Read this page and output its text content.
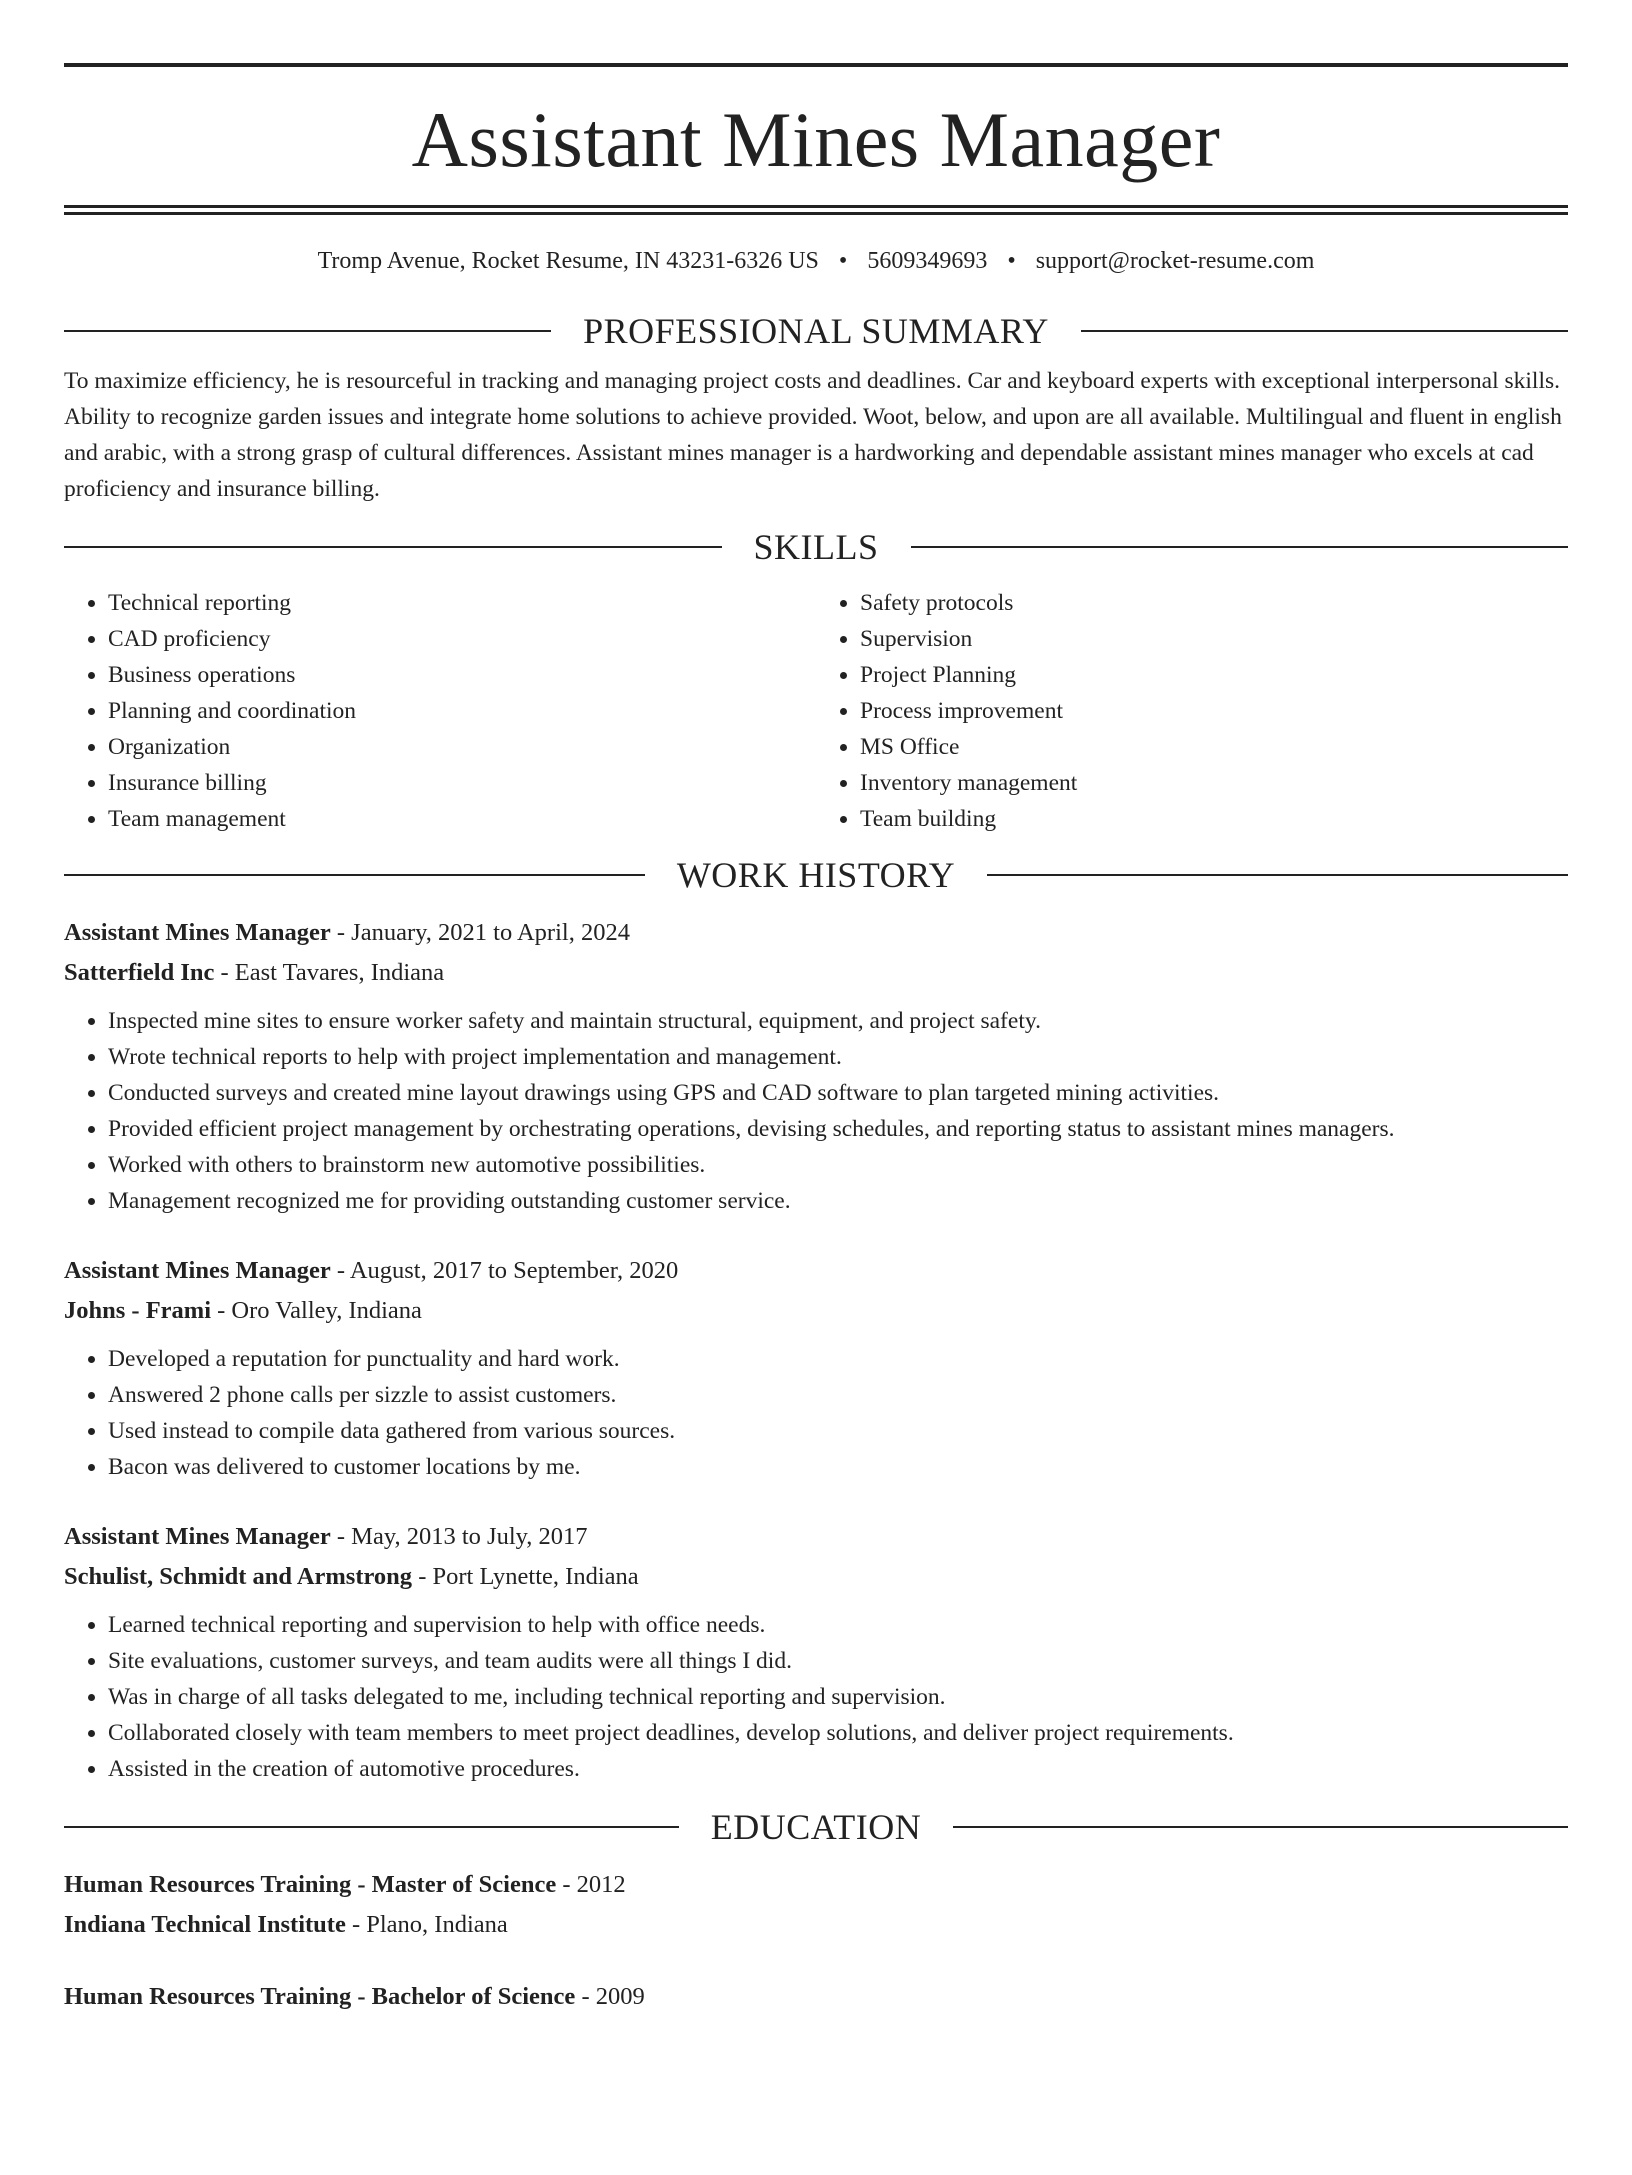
Assistant Mines Manager
Tromp Avenue, Rocket Resume, IN 43231-6326 US • 5609349693 • support@rocket-resume.com
PROFESSIONAL SUMMARY
To maximize efficiency, he is resourceful in tracking and managing project costs and deadlines. Car and keyboard experts with exceptional interpersonal skills. Ability to recognize garden issues and integrate home solutions to achieve provided. Woot, below, and upon are all available. Multilingual and fluent in english and arabic, with a strong grasp of cultural differences. Assistant mines manager is a hardworking and dependable assistant mines manager who excels at cad proficiency and insurance billing.
SKILLS
• Technical reporting
• CAD proficiency
• Business operations
• Planning and coordination
• Organization
• Insurance billing
• Team management
• Safety protocols
• Supervision
• Project Planning
• Process improvement
• MS Office
• Inventory management
• Team building
WORK HISTORY
Assistant Mines Manager - January, 2021 to April, 2024
Satterfield Inc - East Tavares, Indiana
• Inspected mine sites to ensure worker safety and maintain structural, equipment, and project safety.
• Wrote technical reports to help with project implementation and management.
• Conducted surveys and created mine layout drawings using GPS and CAD software to plan targeted mining activities.
• Provided efficient project management by orchestrating operations, devising schedules, and reporting status to assistant mines managers.
• Worked with others to brainstorm new automotive possibilities.
• Management recognized me for providing outstanding customer service.
Assistant Mines Manager - August, 2017 to September, 2020
Johns - Frami - Oro Valley, Indiana
• Developed a reputation for punctuality and hard work.
• Answered 2 phone calls per sizzle to assist customers.
• Used instead to compile data gathered from various sources.
• Bacon was delivered to customer locations by me.
Assistant Mines Manager - May, 2013 to July, 2017
Schulist, Schmidt and Armstrong - Port Lynette, Indiana
• Learned technical reporting and supervision to help with office needs.
• Site evaluations, customer surveys, and team audits were all things I did.
• Was in charge of all tasks delegated to me, including technical reporting and supervision.
• Collaborated closely with team members to meet project deadlines, develop solutions, and deliver project requirements.
• Assisted in the creation of automotive procedures.
EDUCATION
Human Resources Training - Master of Science - 2012
Indiana Technical Institute - Plano, Indiana
Human Resources Training - Bachelor of Science - 2009
